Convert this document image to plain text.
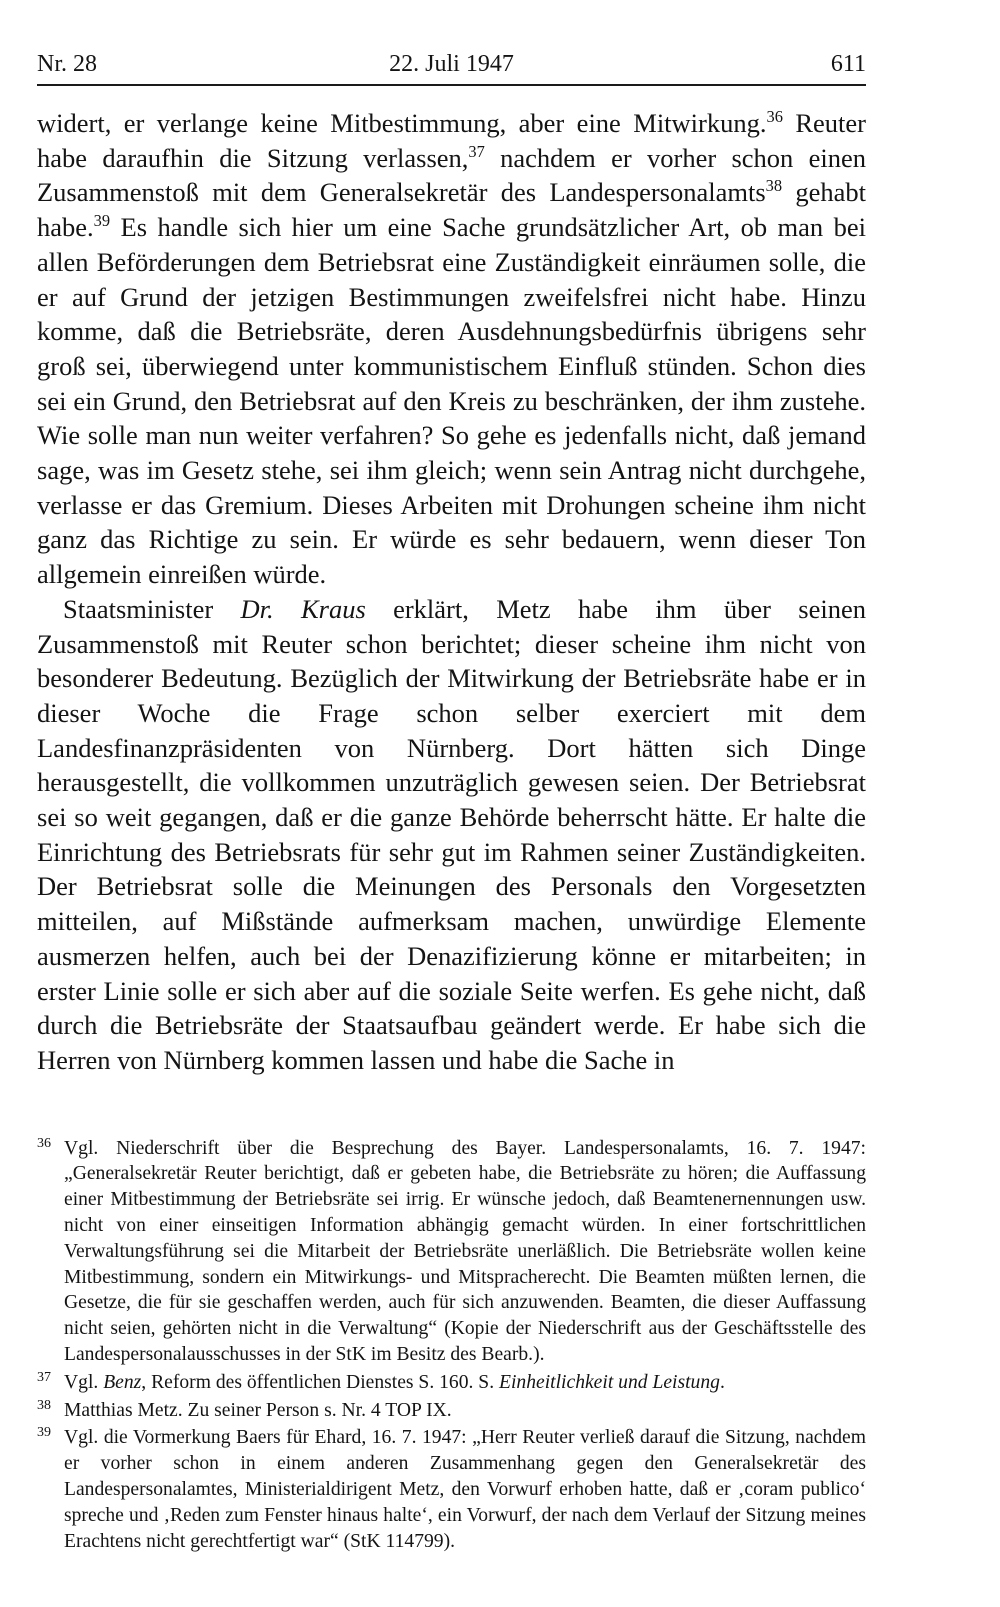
Nr. 28	22. Juli 1947	611

widert, er verlange keine Mitbestimmung, aber eine Mitwirkung.$^{36}$ Reuter habe daraufhin die Sitzung verlassen,$^{37}$ nachdem er vorher schon einen Zusammenstoß mit dem Generalsekretär des Landespersonalamts$^{38}$ gehabt habe.$^{39}$ Es handle sich hier um eine Sache grundsätzlicher Art, ob man bei allen Beförderungen dem Betriebsrat eine Zuständigkeit einräumen solle, die er auf Grund der jetzigen Bestimmungen zweifelsfrei nicht habe. Hinzu komme, daß die Betriebsräte, deren Ausdehnungsbedürfnis übrigens sehr groß sei, überwiegend unter kommunistischem Einfluß stünden. Schon dies sei ein Grund, den Betriebsrat auf den Kreis zu beschränken, der ihm zustehe. Wie solle man nun weiter verfahren? So gehe es jedenfalls nicht, daß jemand sage, was im Gesetz stehe, sei ihm gleich; wenn sein Antrag nicht durchgehe, verlasse er das Gremium. Dieses Arbeiten mit Drohungen scheine ihm nicht ganz das Richtige zu sein. Er würde es sehr bedauern, wenn dieser Ton allgemein einreißen würde.

Staatsminister Dr. Kraus erklärt, Metz habe ihm über seinen Zusammenstoß mit Reuter schon berichtet; dieser scheine ihm nicht von besonderer Bedeutung. Bezüglich der Mitwirkung der Betriebsräte habe er in dieser Woche die Frage schon selber exerciert mit dem Landesfinanzpräsidenten von Nürnberg. Dort hätten sich Dinge herausgestellt, die vollkommen unzuträglich gewesen seien. Der Betriebsrat sei so weit gegangen, daß er die ganze Behörde beherrscht hätte. Er halte die Einrichtung des Betriebsrats für sehr gut im Rahmen seiner Zuständigkeiten. Der Betriebsrat solle die Meinungen des Personals den Vorgesetzten mitteilen, auf Mißstände aufmerksam machen, unwürdige Elemente ausmerzen helfen, auch bei der Denazifizierung könne er mitarbeiten; in erster Linie solle er sich aber auf die soziale Seite werfen. Es gehe nicht, daß durch die Betriebsräte der Staatsaufbau geändert werde. Er habe sich die Herren von Nürnberg kommen lassen und habe die Sache in

36 Vgl. Niederschrift über die Besprechung des Bayer. Landespersonalamts, 16. 7. 1947: „Generalsekretär Reuter berichtigt, daß er gebeten habe, die Betriebsräte zu hören; die Auffassung einer Mitbestimmung der Betriebsräte sei irrig. Er wünsche jedoch, daß Beamtenernennungen usw. nicht von einer einseitigen Information abhängig gemacht würden. In einer fortschrittlichen Verwaltungsführung sei die Mitarbeit der Betriebsräte unerläßlich. Die Betriebsräte wollen keine Mitbestimmung, sondern ein Mitwirkungs- und Mitspracherecht. Die Beamten müßten lernen, die Gesetze, die für sie geschaffen werden, auch für sich anzuwenden. Beamten, die dieser Auffassung nicht seien, gehörten nicht in die Verwaltung“ (Kopie der Niederschrift aus der Geschäftsstelle des Landespersonalausschusses in der StK im Besitz des Bearb.).
37 Vgl. Benz, Reform des öffentlichen Dienstes S. 160. S. Einheitlichkeit und Leistung.
38 Matthias Metz. Zu seiner Person s. Nr. 4 TOP IX.
39 Vgl. die Vormerkung Baers für Ehard, 16. 7. 1947: „Herr Reuter verließ darauf die Sitzung, nachdem er vorher schon in einem anderen Zusammenhang gegen den Generalsekretär des Landespersonalamtes, Ministerialdirigent Metz, den Vorwurf erhoben hatte, daß er ‚coram publico‘ spreche und ‚Reden zum Fenster hinaus halte‘, ein Vorwurf, der nach dem Verlauf der Sitzung meines Erachtens nicht gerechtfertigt war“ (StK 114799).
